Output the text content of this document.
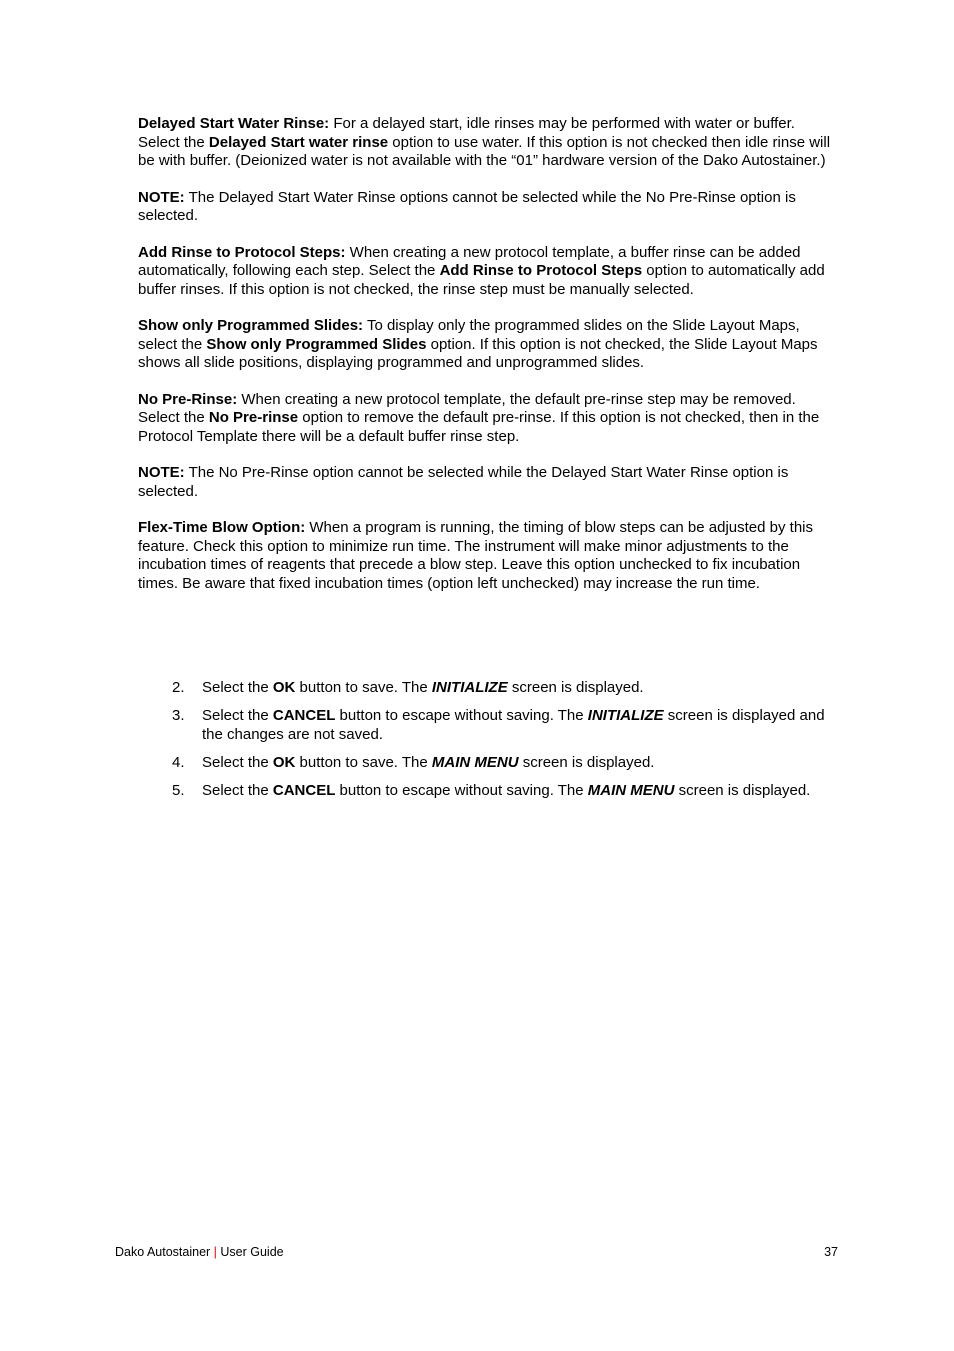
Delayed Start Water Rinse: For a delayed start, idle rinses may be performed with water or buffer. Select the Delayed Start water rinse option to use water. If this option is not checked then idle rinse will be with buffer. (Deionized water is not available with the “01” hardware version of the Dako Autostainer.)

NOTE: The Delayed Start Water Rinse options cannot be selected while the No Pre-Rinse option is selected.

Add Rinse to Protocol Steps: When creating a new protocol template, a buffer rinse can be added automatically, following each step. Select the Add Rinse to Protocol Steps option to automatically add buffer rinses. If this option is not checked, the rinse step must be manually selected.

Show only Programmed Slides: To display only the programmed slides on the Slide Layout Maps, select the Show only Programmed Slides option. If this option is not checked, the Slide Layout Maps shows all slide positions, displaying programmed and unprogrammed slides.

No Pre-Rinse: When creating a new protocol template, the default pre-rinse step may be removed. Select the No Pre-rinse option to remove the default pre-rinse. If this option is not checked, then in the Protocol Template there will be a default buffer rinse step.

NOTE: The No Pre-Rinse option cannot be selected while the Delayed Start Water Rinse option is selected.

Flex-Time Blow Option: When a program is running, the timing of blow steps can be adjusted by this feature. Check this option to minimize run time. The instrument will make minor adjustments to the incubation times of reagents that precede a blow step. Leave this option unchecked to fix incubation times. Be aware that fixed incubation times (option left unchecked) may increase the run time.

2. Select the OK button to save. The INITIALIZE screen is displayed.
3. Select the CANCEL button to escape without saving. The INITIALIZE screen is displayed and the changes are not saved.
4. Select the OK button to save. The MAIN MENU screen is displayed.
5. Select the CANCEL button to escape without saving. The MAIN MENU screen is displayed.
Dako Autostainer | User Guide	37
